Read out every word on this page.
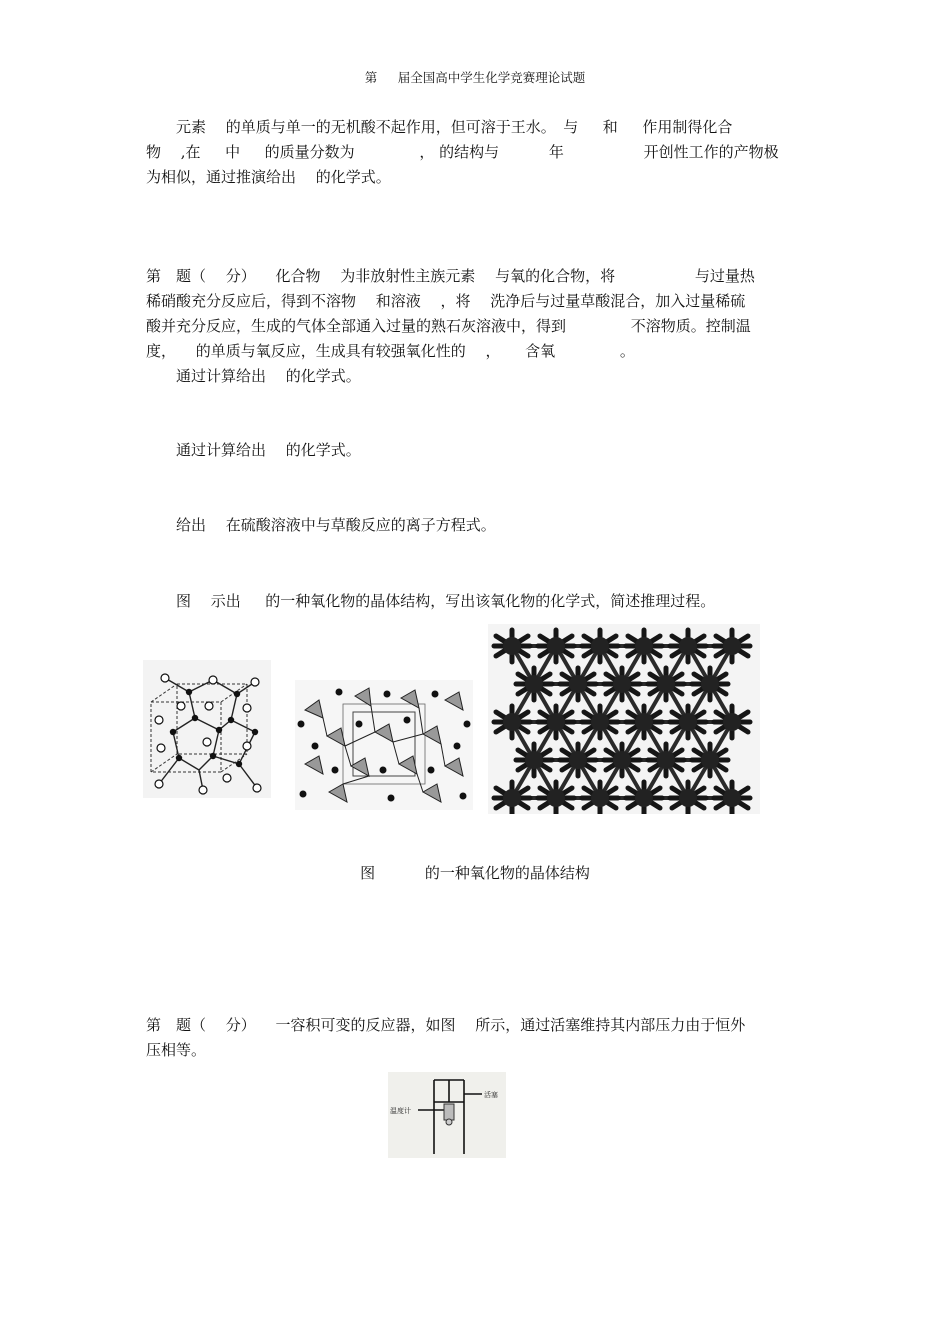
第 　 届全国高中学生化学竞赛理论试题
　　元素 　的单质与单一的无机酸不起作用，但可溶于王水。　与 　 和 　 作用制得化合
物 　,在 　 中 　 的质量分数为 　　　　， 的结构与 　　　年 　　　　　开创性工作的产物极
为相似，通过推演给出 　的化学式。
第　题（ 　分） 　化合物 　为非放射性主族元素 　与氧的化合物，将 　　　　　与过量热
稀硝酸充分反应后，得到不溶物 　和溶液 　，将 　洗净后与过量草酸混合，加入过量稀硫
酸并充分反应，生成的气体全部通入过量的熟石灰溶液中，得到 　　　　不溶物质。控制温
度， 　的单质与氧反应，生成具有较强氧化性的 　， 　 含氧 　　　　。
　　通过计算给出 　的化学式。
　　通过计算给出 　的化学式。
　　给出 　在硫酸溶液中与草酸反应的离子方程式。
　　图 　示出 　 的一种氧化物的晶体结构，写出该氧化物的化学式，简述推理过程。
图 　　　的一种氧化物的晶体结构
第　题（ 　分） 　一容积可变的反应器，如图 　所示，通过活塞维持其内部压力由于恒外
压相等。
温度计
活塞
